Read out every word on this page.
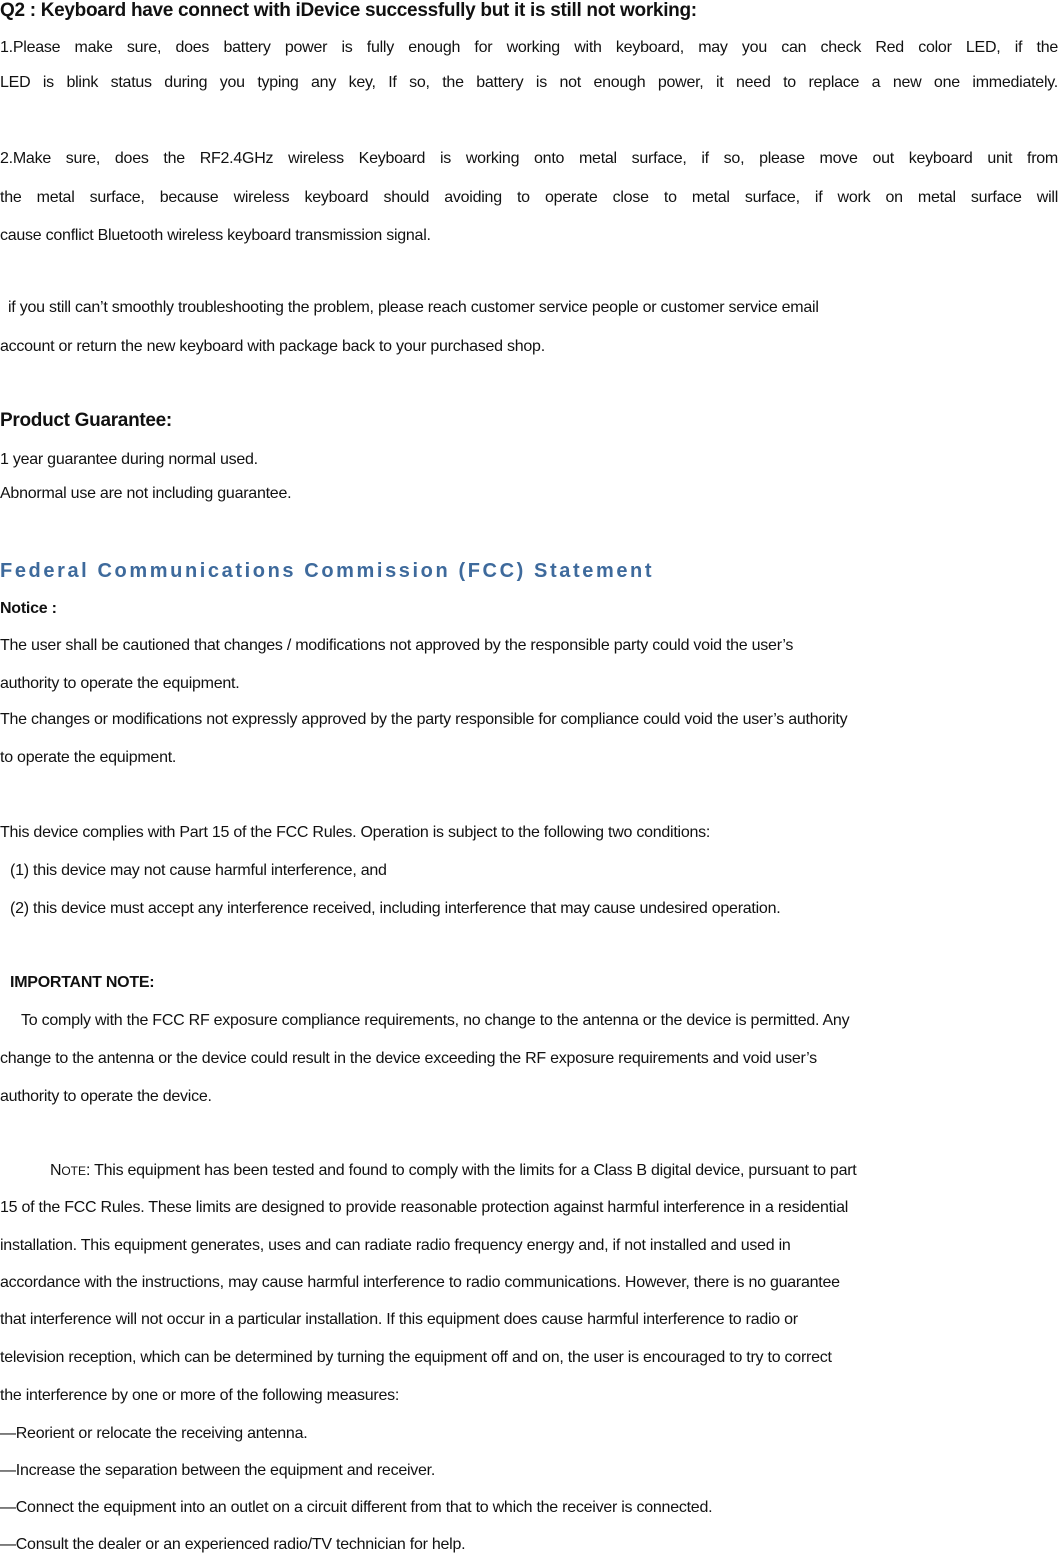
Q2 : Keyboard have connect with iDevice successfully but it is still not working:
1.Please make sure, does battery power is fully enough for working with keyboard, may you can check Red color LED, if the
LED is blink status during you typing any key, If so, the battery is not enough power, it need to replace a new one immediately.
2.Make sure, does the RF2.4GHz wireless Keyboard is working onto metal surface, if so, please move out keyboard unit from
the metal surface, because wireless keyboard should avoiding to operate close to metal surface, if work on metal surface will
cause conflict Bluetooth wireless keyboard transmission signal.
if you still can’t smoothly troubleshooting the problem, please reach customer service people or customer service email
account or return the new keyboard with package back to your purchased shop.
Product Guarantee:
1 year guarantee during normal used.
Abnormal use are not including guarantee.
Federal Communications Commission (FCC) Statement
Notice :
The user shall be cautioned that changes / modifications not approved by the responsible party could void the user’s
authority to operate the equipment.
The changes or modifications not expressly approved by the party responsible for compliance could void the user’s authority
to operate the equipment.
This device complies with Part 15 of the FCC Rules. Operation is subject to the following two conditions:
(1) this device may not cause harmful interference, and
(2) this device must accept any interference received, including interference that may cause undesired operation.
IMPORTANT NOTE:
To comply with the FCC RF exposure compliance requirements, no change to the antenna or the device is permitted. Any
change to the antenna or the device could result in the device exceeding the RF exposure requirements and void user’s
authority to operate the device.
NOTE: This equipment has been tested and found to comply with the limits for a Class B digital device, pursuant to part
15 of the FCC Rules. These limits are designed to provide reasonable protection against harmful interference in a residential
installation. This equipment generates, uses and can radiate radio frequency energy and, if not installed and used in
accordance with the instructions, may cause harmful interference to radio communications. However, there is no guarantee
that interference will not occur in a particular installation. If this equipment does cause harmful interference to radio or
television reception, which can be determined by turning the equipment off and on, the user is encouraged to try to correct
the interference by one or more of the following measures:
—Reorient or relocate the receiving antenna.
—Increase the separation between the equipment and receiver.
—Connect the equipment into an outlet on a circuit different from that to which the receiver is connected.
—Consult the dealer or an experienced radio/TV technician for help.
